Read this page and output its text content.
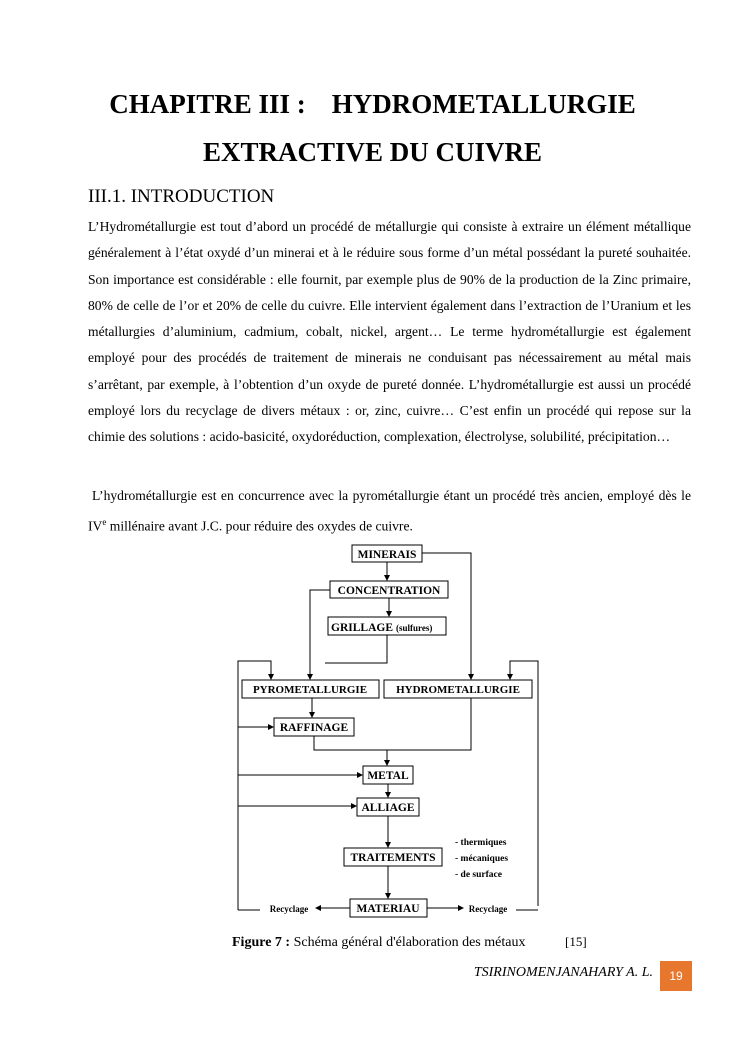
CHAPITRE III : HYDROMETALLURGIE
EXTRACTIVE DU CUIVRE
III.1. INTRODUCTION
L’Hydrométallurgie est tout d’abord un procédé de métallurgie qui consiste à extraire un élément métallique généralement à l’état oxydé d’un minerai et à le réduire sous forme d’un métal possédant la pureté souhaitée. Son importance est considérable : elle fournit, par exemple plus de 90% de la production de la Zinc primaire, 80% de celle de l’or et 20% de celle du cuivre. Elle intervient également dans l’extraction de l’Uranium et les métallurgies d’aluminium, cadmium, cobalt, nickel, argent… Le terme hydrométallurgie est également employé pour des procédés de traitement de minerais ne conduisant pas nécessairement au métal mais s’arrêtant, par exemple, à l’obtention d’un oxyde de pureté donnée. L’hydrométallurgie est aussi un procédé employé lors du recyclage de divers métaux : or, zinc, cuivre… C’est enfin un procédé qui repose sur la chimie des solutions : acido-basicité, oxydoréduction, complexation, électrolyse, solubilité, précipitation…
L’hydrométallurgie est en concurrence avec la pyrométallurgie étant un procédé très ancien, employé dès le IVe millénaire avant J.C. pour réduire des oxydes de cuivre.
MINERAIS
CONCENTRATION
GRILLAGE (sulfures)
PYROMETALLURGIE	HYDROMETALLURGIE
RAFFINAGE
METAL
ALLIAGE
TRAITEMENTS
MATERIAU
- thermiques
- mécaniques
- de surface
Recyclage	Recyclage
Figure 7 : Schéma général d'élaboration des métaux	[15]
TSIRINOMENJANAHARY A. L.	19
